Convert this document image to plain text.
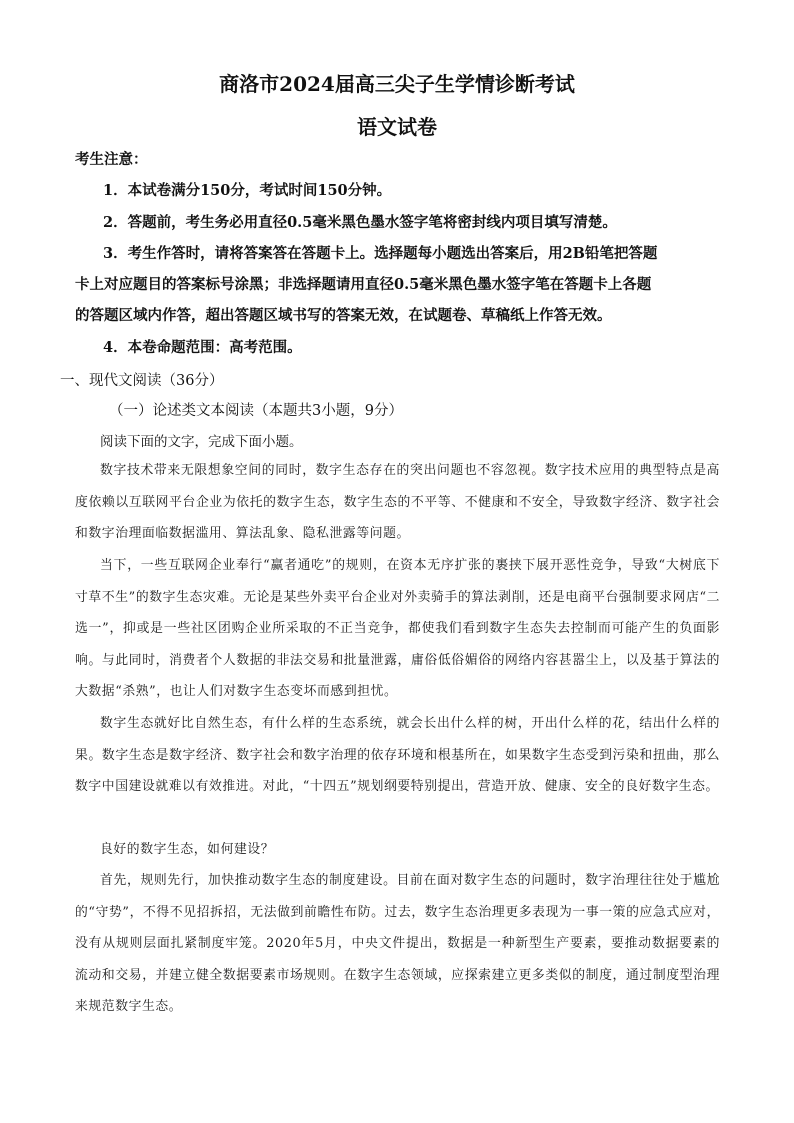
商洛市2024届高三尖子生学情诊断考试
语文试卷
考生注意：
1．本试卷满分150分，考试时间150分钟。
2．答题前，考生务必用直径0.5毫米黑色墨水签字笔将密封线内项目填写清楚。
3．考生作答时，请将答案答在答题卡上。选择题每小题选出答案后，用2B铅笔把答题
卡上对应题目的答案标号涂黑；非选择题请用直径0.5毫米黑色墨水签字笔在答题卡上各题
的答题区域内作答，超出答题区域书写的答案无效，在试题卷、草稿纸上作答无效。
4．本卷命题范围：高考范围。
一、现代文阅读（36分）
（一）论述类文本阅读（本题共3小题，9分）
阅读下面的文字，完成下面小题。
数字技术带来无限想象空间的同时，数字生态存在的突出问题也不容忽视。数字技术应用的典型特点是高度依赖以互联网平台企业为依托的数字生态，数字生态的不平等、不健康和不安全，导致数字经济、数字社会和数字治理面临数据滥用、算法乱象、隐私泄露等问题。
当下，一些互联网企业奉行“赢者通吃”的规则，在资本无序扩张的裹挟下展开恶性竞争，导致“大树底下寸草不生”的数字生态灾难。无论是某些外卖平台企业对外卖骑手的算法剥削，还是电商平台强制要求网店“二选一”，抑或是一些社区团购企业所采取的不正当竞争，都使我们看到数字生态失去控制而可能产生的负面影响。与此同时，消费者个人数据的非法交易和批量泄露，庸俗低俗媚俗的网络内容甚嚣尘上，以及基于算法的大数据“杀熟”，也让人们对数字生态变坏而感到担忧。
数字生态就好比自然生态，有什么样的生态系统，就会长出什么样的树，开出什么样的花，结出什么样的果。数字生态是数字经济、数字社会和数字治理的依存环境和根基所在，如果数字生态受到污染和扭曲，那么数字中国建设就难以有效推进。对此，“十四五”规划纲要特别提出，营造开放、健康、安全的良好数字生态。
良好的数字生态，如何建设？
首先，规则先行，加快推动数字生态的制度建设。目前在面对数字生态的问题时，数字治理往往处于尴尬的“守势”，不得不见招拆招，无法做到前瞻性布防。过去，数字生态治理更多表现为一事一策的应急式应对，没有从规则层面扎紧制度牢笼。2020年5月，中央文件提出，数据是一种新型生产要素，要推动数据要素的流动和交易，并建立健全数据要素市场规则。在数字生态领域，应探索建立更多类似的制度，通过制度型治理来规范数字生态。
